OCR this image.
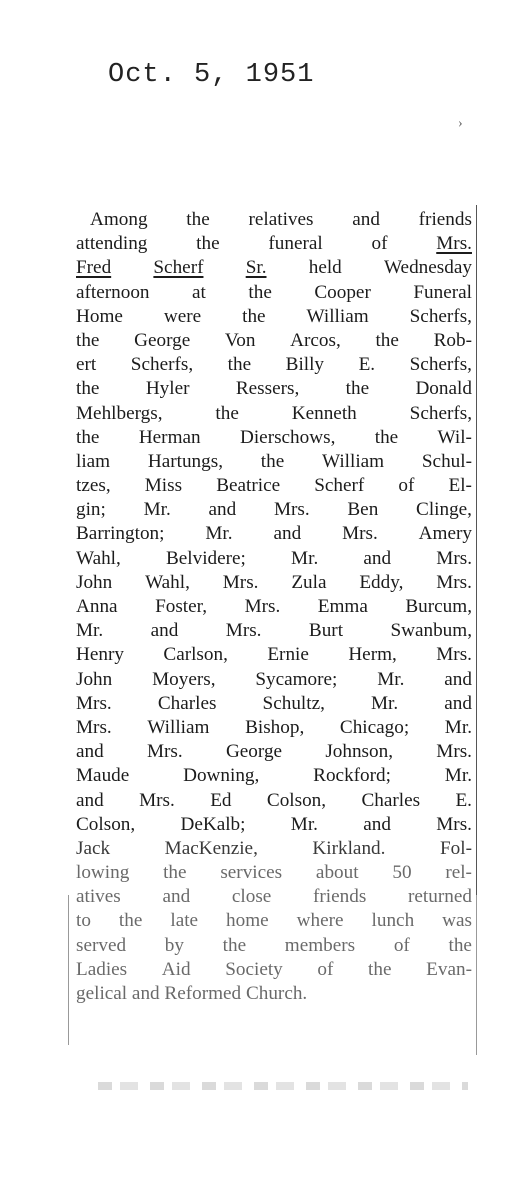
Oct. 5, 1951
›
Among the relatives and friends
attending	the	funeral	of	Mrs.
Fred Scherf Sr. held Wednesday
afternoon at the Cooper Funeral
Home were the William Scherfs,
the George Von Arcos, the Rob-
ert Scherfs, the Billy E. Scherfs,
the Hyler Ressers, the Donald
Mehlbergs,	the	Kenneth	Scherfs,
the Herman Dierschows, the Wil-
liam Hartungs, the William Schul-
tzes, Miss Beatrice Scherf of El-
gin; Mr. and Mrs. Ben Clinge,
Barrington; Mr. and Mrs. Amery
Wahl, Belvidere; Mr. and Mrs.
John Wahl, Mrs. Zula Eddy, Mrs.
Anna Foster, Mrs. Emma Burcum,
Mr. and Mrs. Burt Swanbum,
Henry Carlson, Ernie Herm, Mrs.
John Moyers, Sycamore; Mr. and
Mrs. Charles Schultz, Mr. and
Mrs. William Bishop, Chicago; Mr.
and Mrs. George Johnson, Mrs.
Maude	Downing,	Rockford;	Mr.
and Mrs. Ed Colson, Charles E.
Colson, DeKalb; Mr. and Mrs.
Jack	MacKenzie,	Kirkland.	Fol-
lowing the services about 50 rel-
atives and close friends returned
to the late home where lunch was
served by the members of the
Ladies Aid Society of the Evan-
gelical and Reformed Church.
